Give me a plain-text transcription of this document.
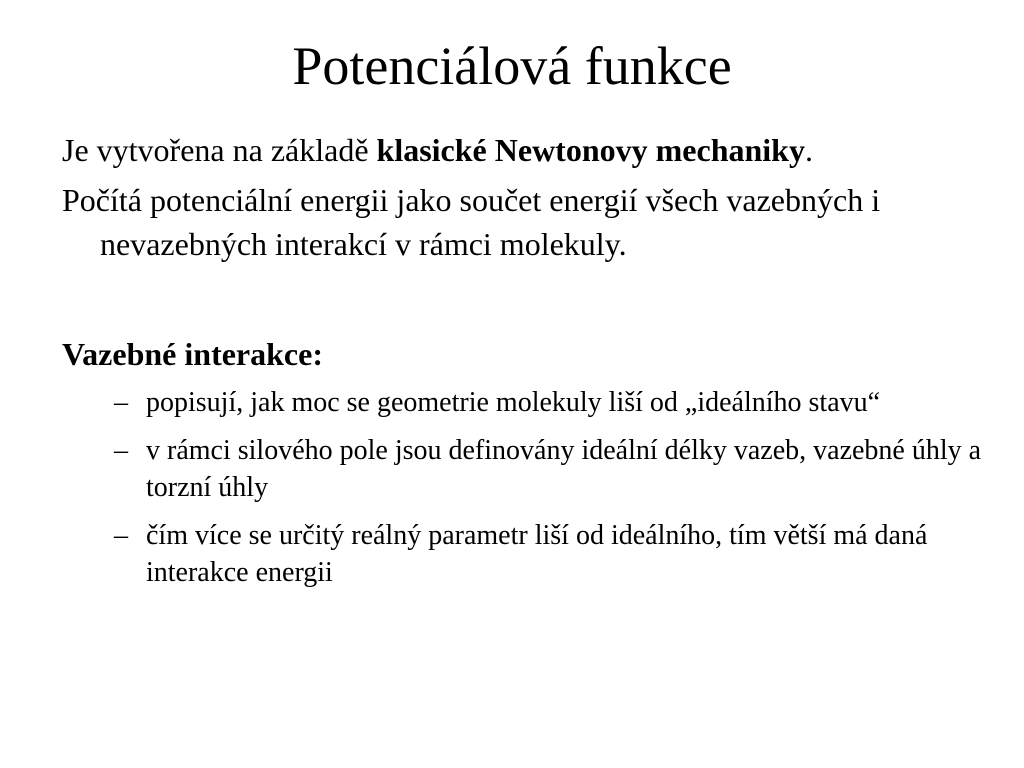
Potenciálová funkce

Je vytvořena na základě klasické Newtonovy mechaniky.

Počítá potenciální energii jako součet energií všech vazebných i nevazebných interakcí v rámci molekuly.

Vazebné interakce:
– popisují, jak moc se geometrie molekuly liší od „ideálního stavu“
– v rámci silového pole jsou definovány ideální délky vazeb, vazebné úhly a torzní úhly
– čím více se určitý reálný parametr liší od ideálního, tím větší má daná interakce energii
